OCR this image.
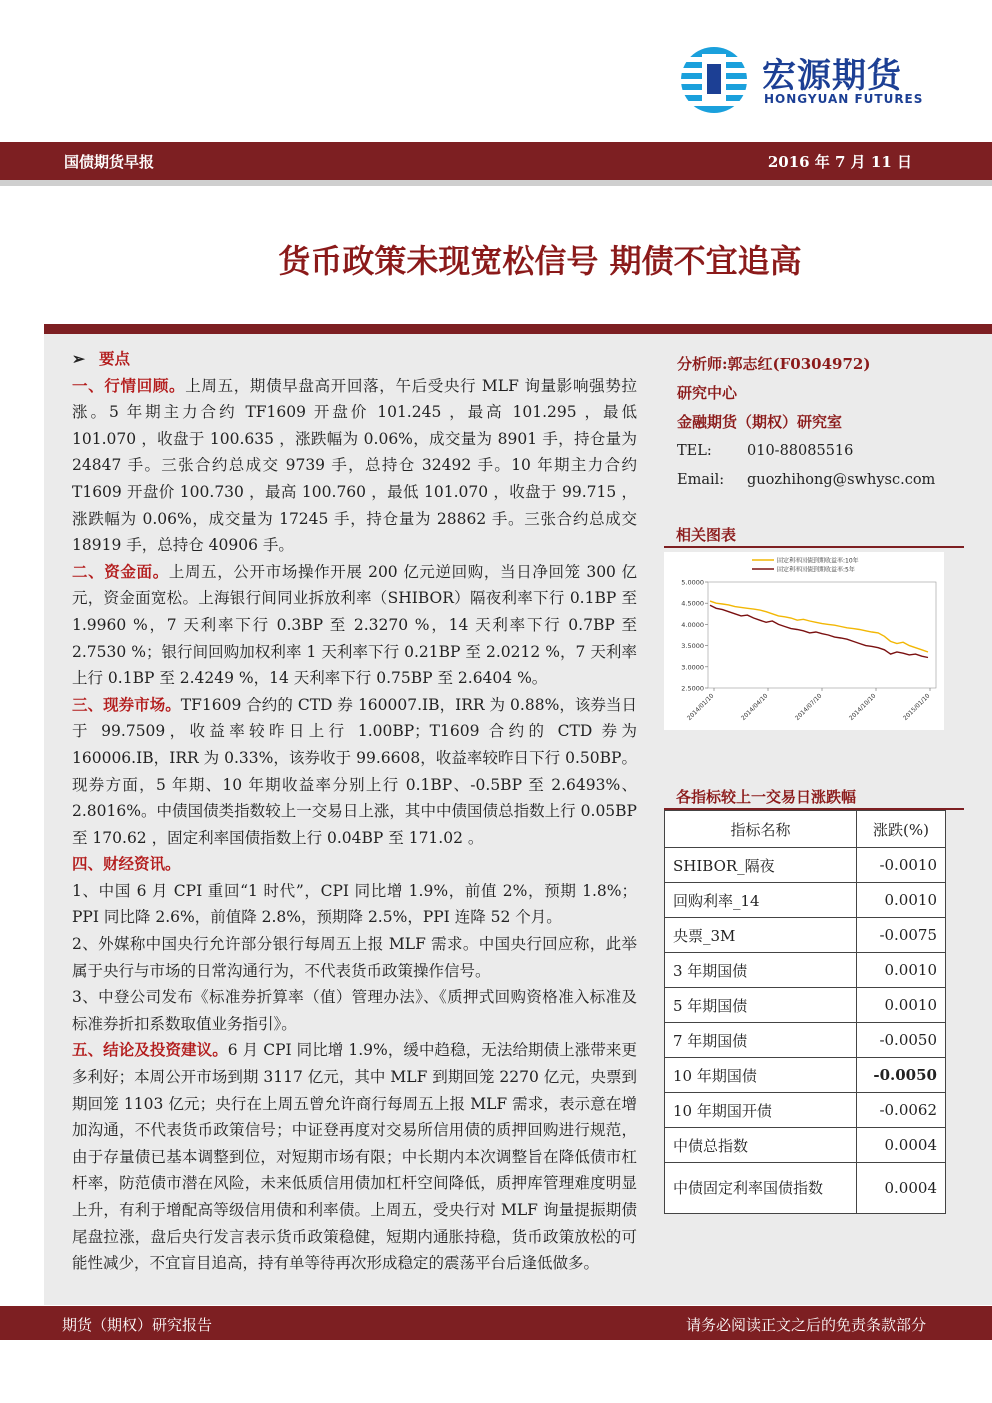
宏源期货
HONGYUAN FUTURES
国债期货早报	2016 年 7 月 11 日
货币政策未现宽松信号 期债不宜追高

➢ 要点

一、行情回顾。上周五，期债早盘高开回落，午后受央行 MLF 询量影响强势拉涨。5 年期主力合约 TF1609 开盘价 101.245 ，最高 101.295 ，最低 101.070 ，收盘于 100.635 ，涨跌幅为 0.06%，成交量为 8901 手，持仓量为 24847 手。三张合约总成交 9739 手，总持仓 32492 手。10 年期主力合约 T1609 开盘价 100.730 ，最高 100.760 ，最低 101.070 ，收盘于 99.715 ，涨跌幅为 0.06%，成交量为 17245 手，持仓量为 28862 手。三张合约总成交 18919 手，总持仓 40906 手。

二、资金面。上周五，公开市场操作开展 200 亿元逆回购，当日净回笼 300 亿元，资金面宽松。上海银行间同业拆放利率（SHIBOR）隔夜利率下行 0.1BP 至 1.9960 %，7 天利率下行 0.3BP 至 2.3270 %，14 天利率下行 0.7BP 至 2.7530 %；银行间回购加权利率 1 天利率下行 0.21BP 至 2.0212 %，7 天利率上行 0.1BP 至 2.4249 %，14 天利率下行 0.75BP 至 2.6404 %。

三、现券市场。TF1609 合约的 CTD 券 160007.IB，IRR 为 0.88%，该券当日于 99.7509，收益率较昨日上行 1.00BP；T1609 合约的 CTD 券为 160006.IB，IRR 为 0.33%，该券收于 99.6608，收益率较昨日下行 0.50BP。现券方面，5 年期、10 年期收益率分别上行 0.1BP、-0.5BP 至 2.6493%、2.8016%。中债国债类指数较上一交易日上涨，其中中债国债总指数上行 0.05BP 至 170.62 ，固定利率国债指数上行 0.04BP 至 171.02 。

四、财经资讯。

1、中国 6 月 CPI 重回“1 时代”，CPI 同比增 1.9%，前值 2%，预期 1.8%；PPI 同比降 2.6%，前值降 2.8%，预期降 2.5%，PPI 连降 52 个月。

2、外媒称中国央行允许部分银行每周五上报 MLF 需求。中国央行回应称，此举属于央行与市场的日常沟通行为，不代表货币政策操作信号。

3、中登公司发布《标准券折算率（值）管理办法》、《质押式回购资格准入标准及标准券折扣系数取值业务指引》。

五、结论及投资建议。6 月 CPI 同比增 1.9%，缓中趋稳，无法给期债上涨带来更多利好；本周公开市场到期 3117 亿元，其中 MLF 到期回笼 2270 亿元，央票到期回笼 1103 亿元；央行在上周五曾允许商行每周五上报 MLF 需求，表示意在增加沟通，不代表货币政策信号；中证登再度对交易所信用债的质押回购进行规范，由于存量债已基本调整到位，对短期市场有限；中长期内本次调整旨在降低债市杠杆率，防范债市潜在风险，未来低质信用债加杠杆空间降低，质押库管理难度明显上升，有利于增配高等级信用债和利率债。上周五，受央行对 MLF 询量提振期债尾盘拉涨，盘后央行发言表示货币政策稳健，短期内通胀持稳，货币政策放松的可能性减少，不宜盲目追高，持有单等待再次形成稳定的震荡平台后逢低做多。

分析师:郭志红(F0304972)

研究中心

金融期货（期权）研究室

TEL: 010-88085516

Email: guozhihong@swhysc.com

相关图表
5.0000
4.5000
4.0000
3.5000
3.0000
2.5000
2014/01/10	2014/04/10	2014/07/10	2014/10/10	2015/01/10
固定利率国债到期收益率:10年
固定利率国债到期收益率:5年
各指标较上一交易日涨跌幅
指标名称	涨跌(%)
SHIBOR_隔夜	-0.0010
回购利率_14	0.0010
央票_3M	-0.0075
3 年期国债	0.0010
5 年期国债	0.0010
7 年期国债	-0.0050
10 年期国债	-0.0050
10 年期国开债	-0.0062
中债总指数	0.0004
中债固定利率国债指数	0.0004
期货（期权）研究报告	请务必阅读正文之后的免责条款部分
